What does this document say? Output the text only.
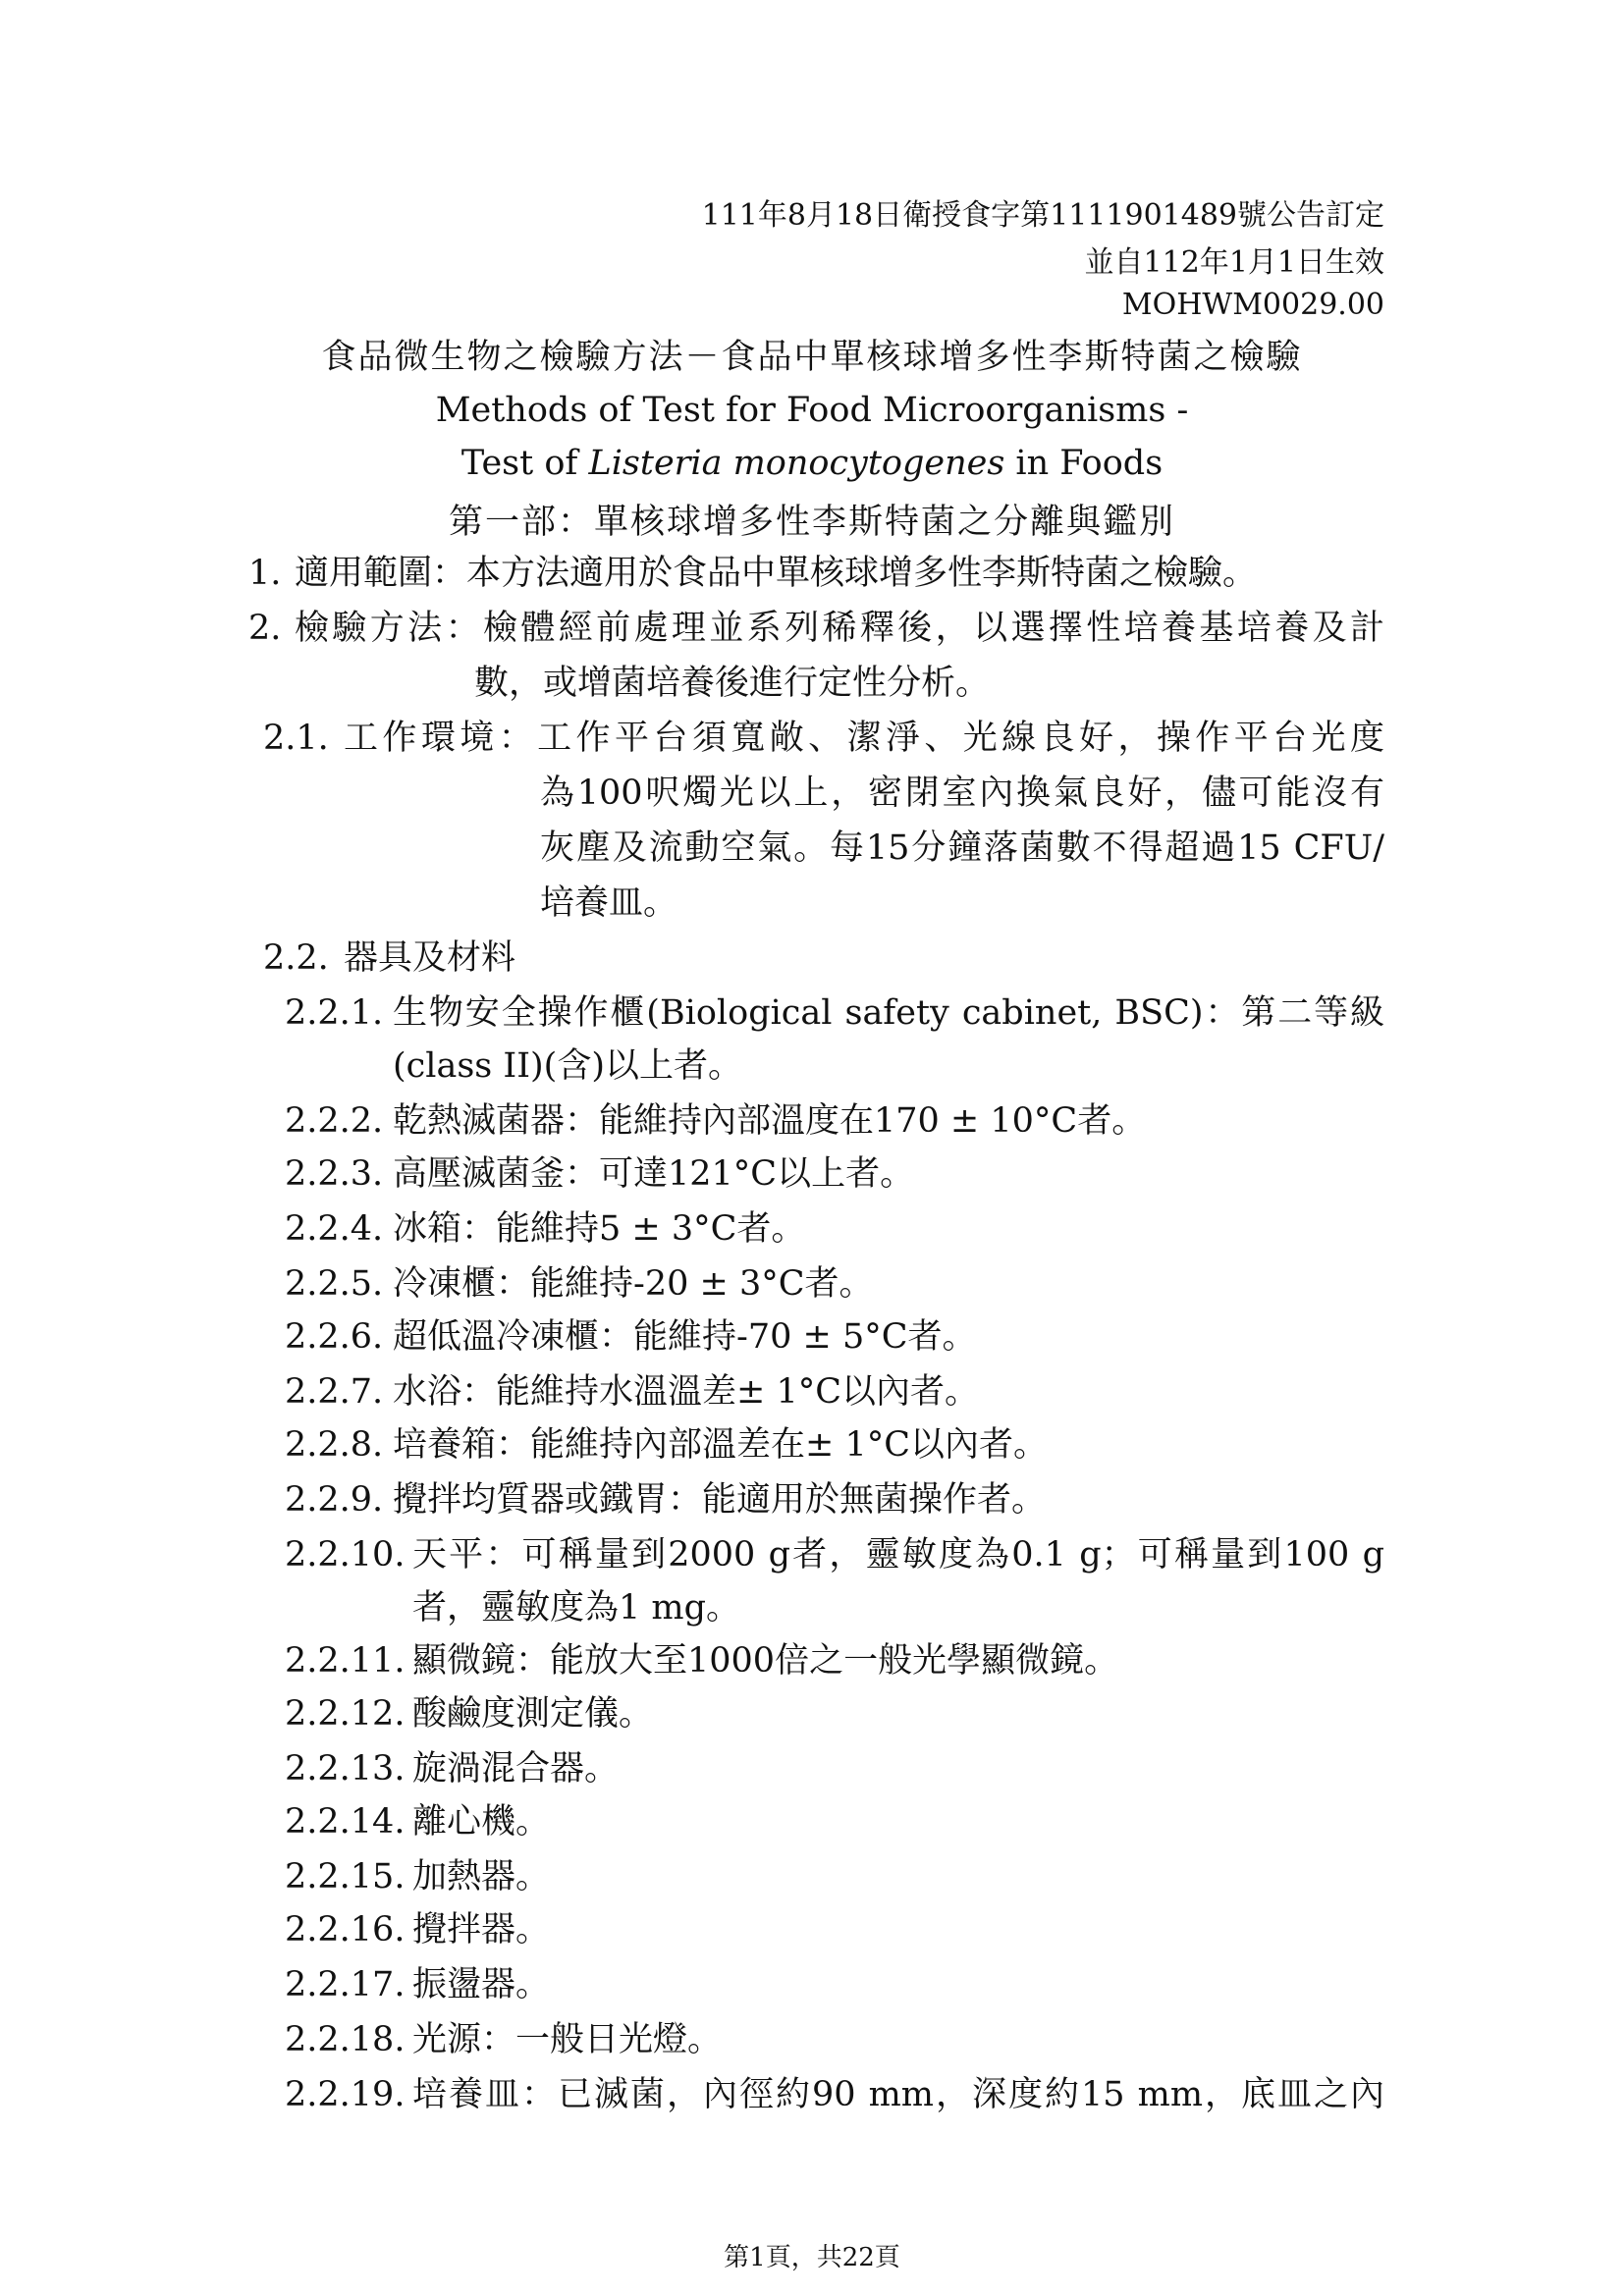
111年8月18日衛授食字第1111901489號公告訂定
並自112年1月1日生效
MOHWM0029.00
食品微生物之檢驗方法－食品中單核球增多性李斯特菌之檢驗
Methods of Test for Food Microorganisms -
Test of Listeria monocytogenes in Foods
第一部：單核球增多性李斯特菌之分離與鑑別
1. 適用範圍：本方法適用於食品中單核球增多性李斯特菌之檢驗。
2. 檢驗方法：檢體經前處理並系列稀釋後，以選擇性培養基培養及計
數，或增菌培養後進行定性分析。
2.1. 工作環境：工作平台須寬敞、潔淨、光線良好，操作平台光度
為100呎燭光以上，密閉室內換氣良好，儘可能沒有
灰塵及流動空氣。每15分鐘落菌數不得超過15 CFU/
培養皿。
2.2. 器具及材料
2.2.1. 生物安全操作櫃(Biological safety cabinet, BSC)：第二等級
(class II)(含)以上者。
2.2.2. 乾熱滅菌器：能維持內部溫度在170 ± 10°C者。
2.2.3. 高壓滅菌釜：可達121°C以上者。
2.2.4. 冰箱：能維持5 ± 3°C者。
2.2.5. 冷凍櫃：能維持-20 ± 3°C者。
2.2.6. 超低溫冷凍櫃：能維持-70 ± 5°C者。
2.2.7. 水浴：能維持水溫溫差± 1°C以內者。
2.2.8. 培養箱：能維持內部溫差在± 1°C以內者。
2.2.9. 攪拌均質器或鐵胃：能適用於無菌操作者。
2.2.10. 天平：可稱量到2000 g者，靈敏度為0.1 g；可稱量到100 g
者，靈敏度為1 mg。
2.2.11. 顯微鏡：能放大至1000倍之一般光學顯微鏡。
2.2.12. 酸鹼度測定儀。
2.2.13. 旋渦混合器。
2.2.14. 離心機。
2.2.15. 加熱器。
2.2.16. 攪拌器。
2.2.17. 振盪器。
2.2.18. 光源：一般日光燈。
2.2.19. 培養皿：已滅菌，內徑約90 mm，深度約15 mm，底皿之內
第1頁，共22頁
